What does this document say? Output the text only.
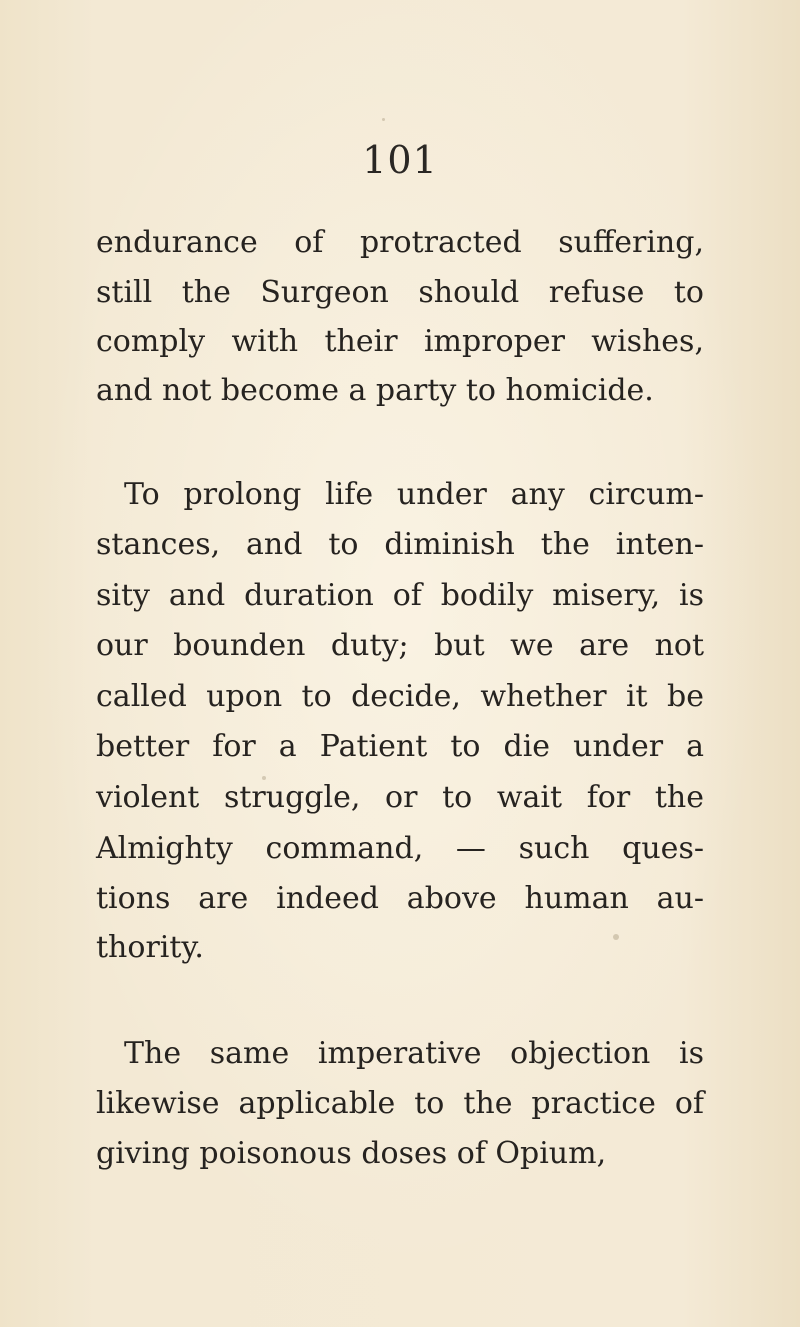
101
endurance of protracted suffering,
still the Surgeon should refuse to
comply with their improper wishes,
and not become a party to homicide.
To prolong life under any circum-
stances, and to diminish the inten-
sity and duration of bodily misery, is
our bounden duty; but we are not
called upon to decide, whether it be
better for a Patient to die under a
violent struggle, or to wait for the
Almighty command, — such ques-
tions are indeed above human au-
thority.
The same imperative objection is
likewise applicable to the practice of
giving poisonous doses of Opium,
